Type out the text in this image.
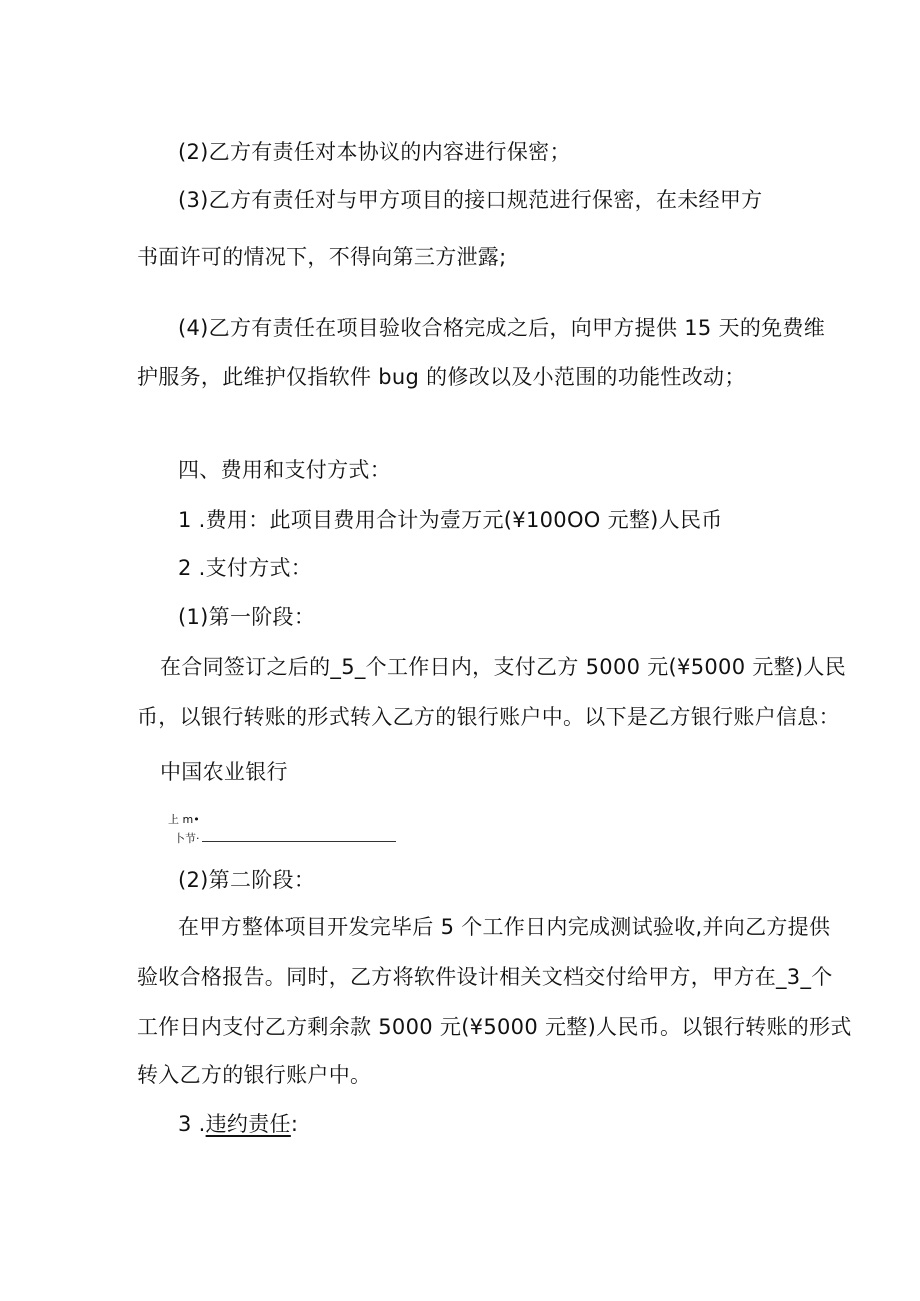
(2)乙方有责任对本协议的内容进行保密；

(3)乙方有责任对与甲方项目的接口规范进行保密，在未经甲方

书面许可的情况下，不得向第三方泄露;

(4)乙方有责任在项目验收合格完成之后，向甲方提供 15 天的免费维

护服务，此维护仅指软件 bug 的修改以及小范围的功能性改动；

四、费用和支付方式：

1 .费用：此项目费用合计为壹万元(¥100OO 元整)人民币

2 .支付方式：

(1)第一阶段：

在合同签订之后的_5_个工作日内，支付乙方 5000 元(¥5000 元整)人民

币，以银行转账的形式转入乙方的银行账户中。以下是乙方银行账户信息：

中国农业银行

上 m•
卜节·

(2)第二阶段：

在甲方整体项目开发完毕后 5 个工作日内完成测试验收,并向乙方提供

验收合格报告。同时，乙方将软件设计相关文档交付给甲方，甲方在_3_个

工作日内支付乙方剩余款 5000 元(¥5000 元整)人民币。以银行转账的形式

转入乙方的银行账户中。

3 .违约责任:
